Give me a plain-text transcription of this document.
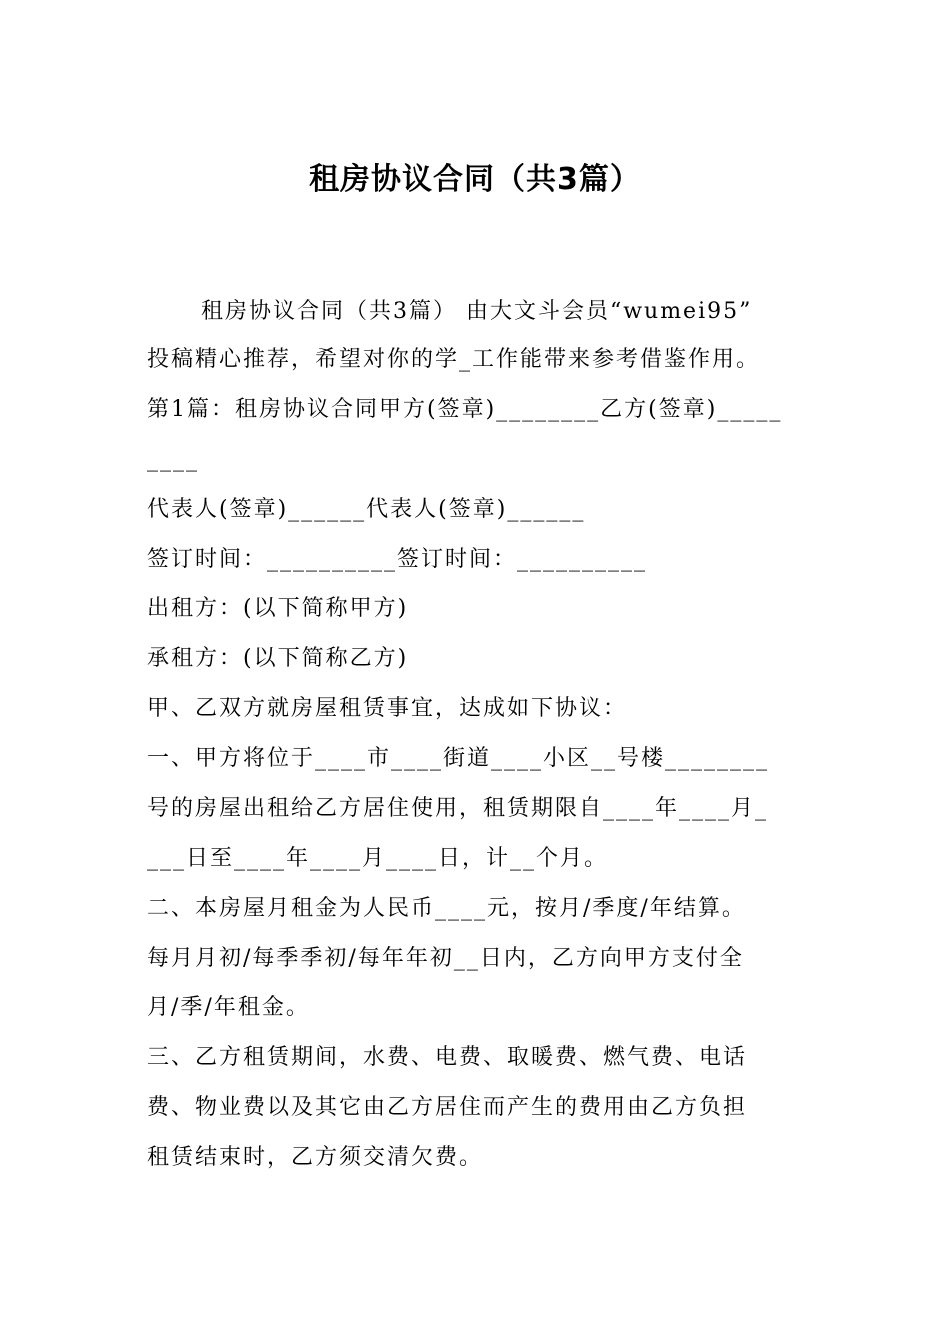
租房协议合同（共3篇）
租房协议合同（共3篇） 由大文斗会员“wumei95”
投稿精心推荐，希望对你的学_工作能带来参考借鉴作用。
第1篇：租房协议合同甲方(签章)________乙方(签章)_____
____
代表人(签章)______代表人(签章)______
签订时间：__________签订时间：__________
出租方：(以下简称甲方)
承租方：(以下简称乙方)
甲、乙双方就房屋租赁事宜，达成如下协议：
一、甲方将位于____市____街道____小区__号楼________
号的房屋出租给乙方居住使用，租赁期限自____年____月_
___日至____年____月____日，计__个月。
二、本房屋月租金为人民币____元，按月/季度/年结算。
每月月初/每季季初/每年年初__日内，乙方向甲方支付全
月/季/年租金。
三、乙方租赁期间，水费、电费、取暖费、燃气费、电话
费、物业费以及其它由乙方居住而产生的费用由乙方负担
租赁结束时，乙方须交清欠费。
